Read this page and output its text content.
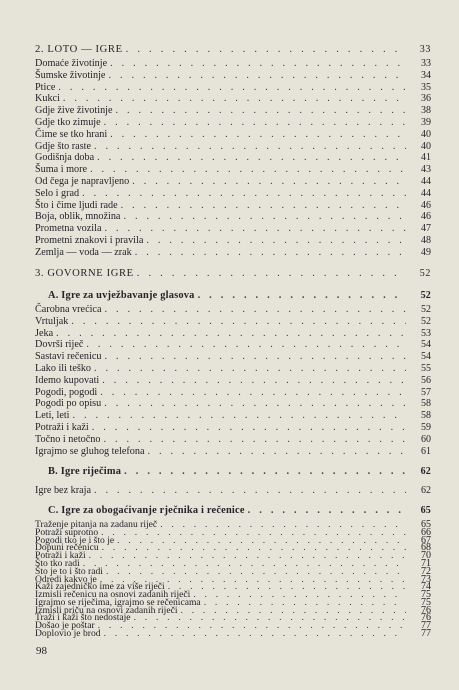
2. LOTO — IGRE . . .	33
Domaće životinje . . .	33
Šumske životinje . . .	34
Ptice . . .	35
Kukci . . .	36
Gdje žive životinje . . .	38
Gdje tko zimuje . . .	39
Čime se tko hrani . . .	40
Gdje što raste . . .	40
Godišnja doba . . .	41
Šuma i more . . .	43
Od čega je napravljeno . . .	44
Selo i grad . . .	44
Što i čime ljudi rade . . .	46
Boja, oblik, množina . . .	46
Prometna vozila . . .	47
Prometni znakovi i pravila . . .	48
Zemlja — voda — zrak . . .	49
3. GOVORNE IGRE . . .	52
A. Igre za uvježbavanje glasova . . .	52
Čarobna vrećica . . .	52
Vrtuljak . . .	52
Jeka . . .	53
Dovrši riječ . . .	54
Sastavi rečenicu . . .	54
Lako ili teško . . .	55
Idemo kupovati . . .	56
Pogodi, pogodi . . .	57
Pogodi po opisu . . .	58
Leti, leti . . .	58
Potraži i kaži . . .	59
Točno i netočno . . .	60
Igrajmo se gluhog telefona . . .	61
B. Igre riječima . . .	62
Igre bez kraja . . .	62
C. Igre za obogaćivanje rječnika i rečenice . . .	65
Traženje pitanja na zadanu riječ . . .	65
Potraži suprotno . . .	66
Pogodi tko je i što je . . .	67
Dopuni rečenicu . . .	68
Potraži i kaži . . .	70
Što tko radi . . .	71
Što je to i što radi . . .	72
Odredi kakvo je . . .	73
Kaži zajedničko ime za više riječi . . .	74
Izmisli rečenicu na osnovi zadanih riječi . . .	75
Igrajmo se riječima, igrajmo se rečenicama . . .	75
Izmisli priču na osnovi zadanih riječi . . .	76
Traži i kaži što nedostaje . . .	76
Došao je poštar . . .	77
Doplovio je brod . . .	77
98
